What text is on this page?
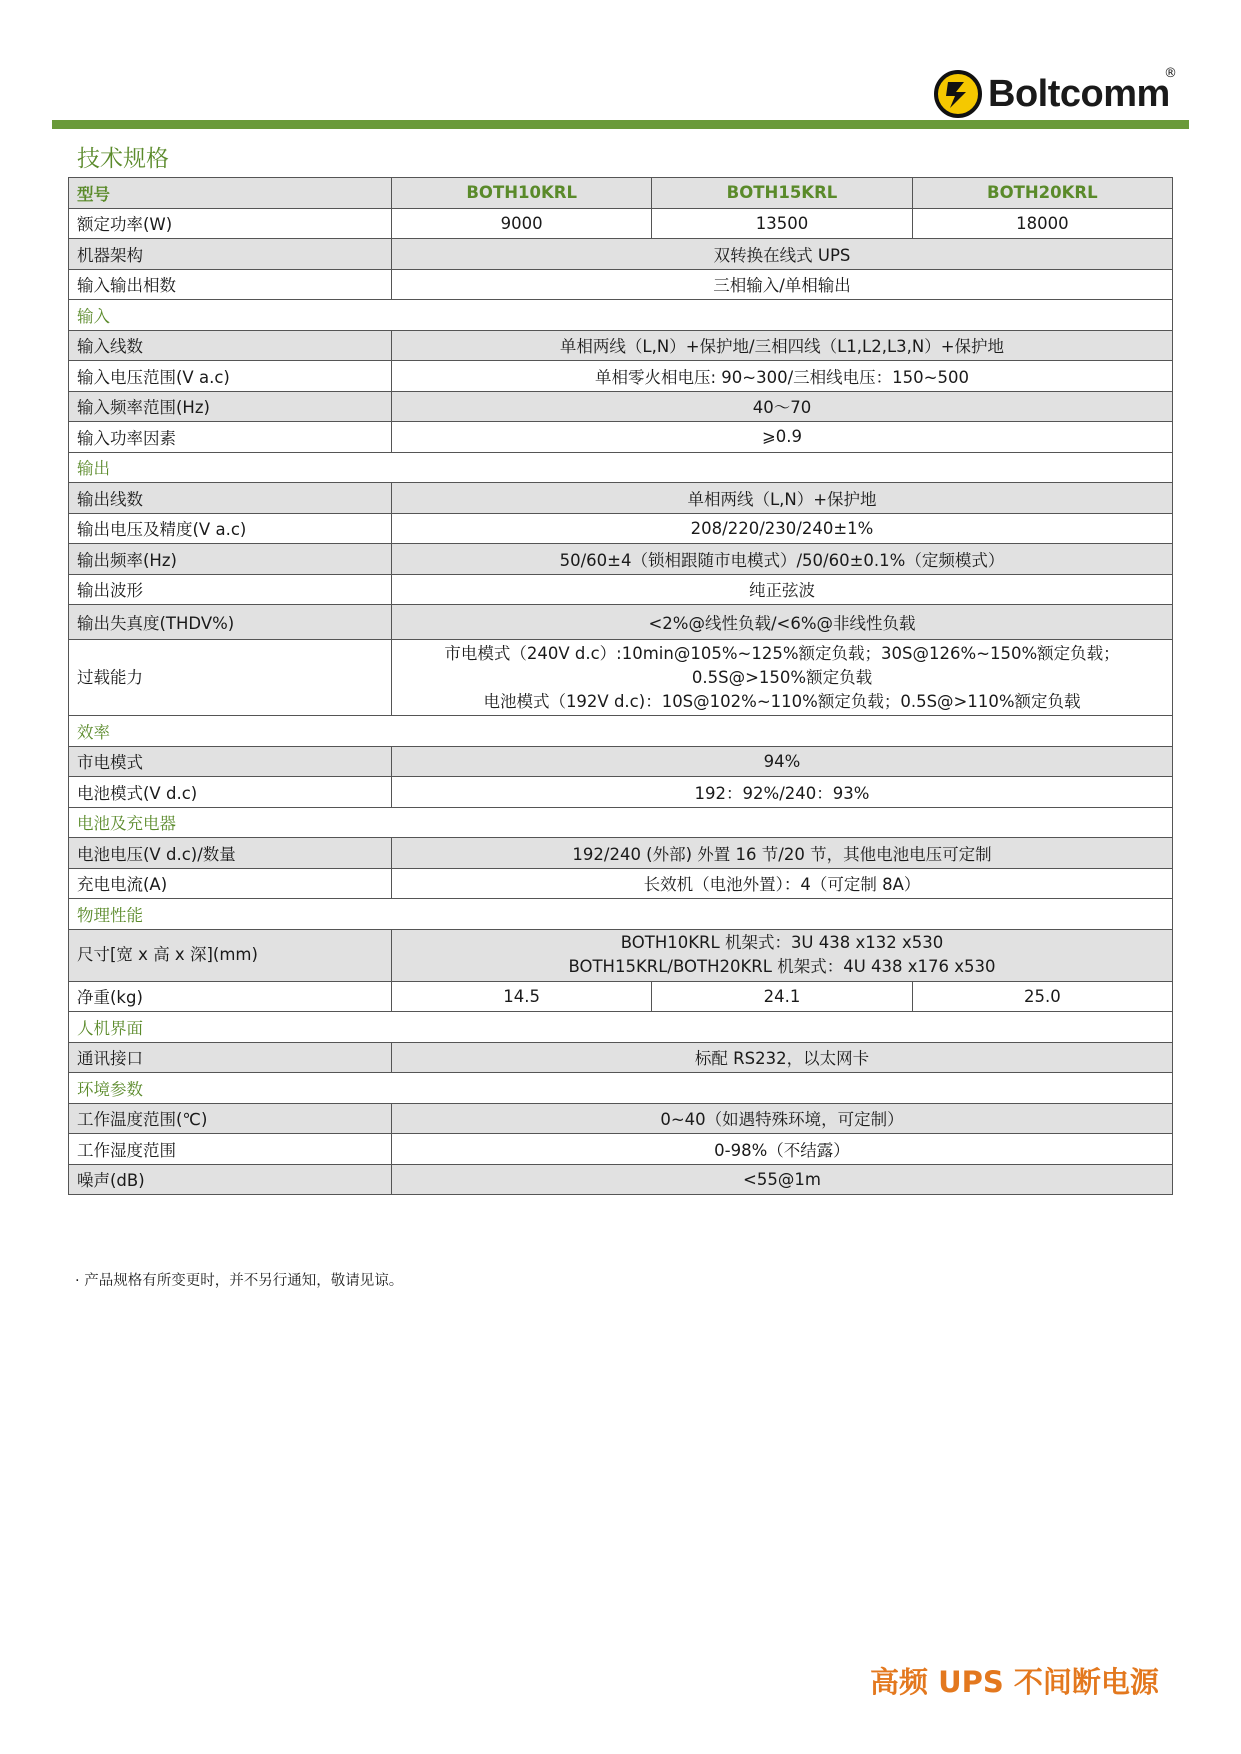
Boltcomm
®
技术规格
型号	BOTH10KRL	BOTH15KRL	BOTH20KRL
额定功率(W)	9000	13500	18000
机器架构	双转换在线式 UPS		
输入输出相数	三相输入/单相输出		
输入			
输入线数	单相两线（L,N）+保护地/三相四线（L1,L2,L3,N）+保护地		
输入电压范围(V a.c)	单相零火相电压: 90~300/三相线电压：150~500		
输入频率范围(Hz)	40～70		
输入功率因素	⩾0.9		
输出			
输出线数	单相两线（L,N）+保护地		
输出电压及精度(V a.c)	208/220/230/240±1%		
输出频率(Hz)	50/60±4（锁相跟随市电模式）/50/60±0.1%（定频模式）		
输出波形	纯正弦波		
输出失真度(THDV%)	<2%@线性负载/<6%@非线性负载		
过载能力	市电模式（240V d.c）:10min@105%~125%额定负载；30S@126%~150%额定负载；
0.5S@>150%额定负载
电池模式（192V d.c)：10S@102%~110%额定负载；0.5S@>110%额定负载		

效率			
市电模式	94%		
电池模式(V d.c)	192：92%/240：93%		
电池及充电器			
电池电压(V d.c)/数量	192/240 (外部) 外置 16 节/20 节，其他电池电压可定制		
充电电流(A)	长效机（电池外置）：4（可定制 8A）		
物理性能			
尺寸[宽 x 高 x 深](mm)	BOTH10KRL 机架式：3U 438 x132 x530
BOTH15KRL/BOTH20KRL 机架式：4U 438 x176 x530		

净重(kg)	14.5	24.1	25.0
人机界面			
通讯接口	标配 RS232，以太网卡		
环境参数			
工作温度范围(℃)	0~40（如遇特殊环境，可定制）		
工作湿度范围	0-98%（不结露）		
噪声(dB)	<55@1m		
· 产品规格有所变更时，并不另行通知，敬请见谅。
高频 UPS 不间断电源
